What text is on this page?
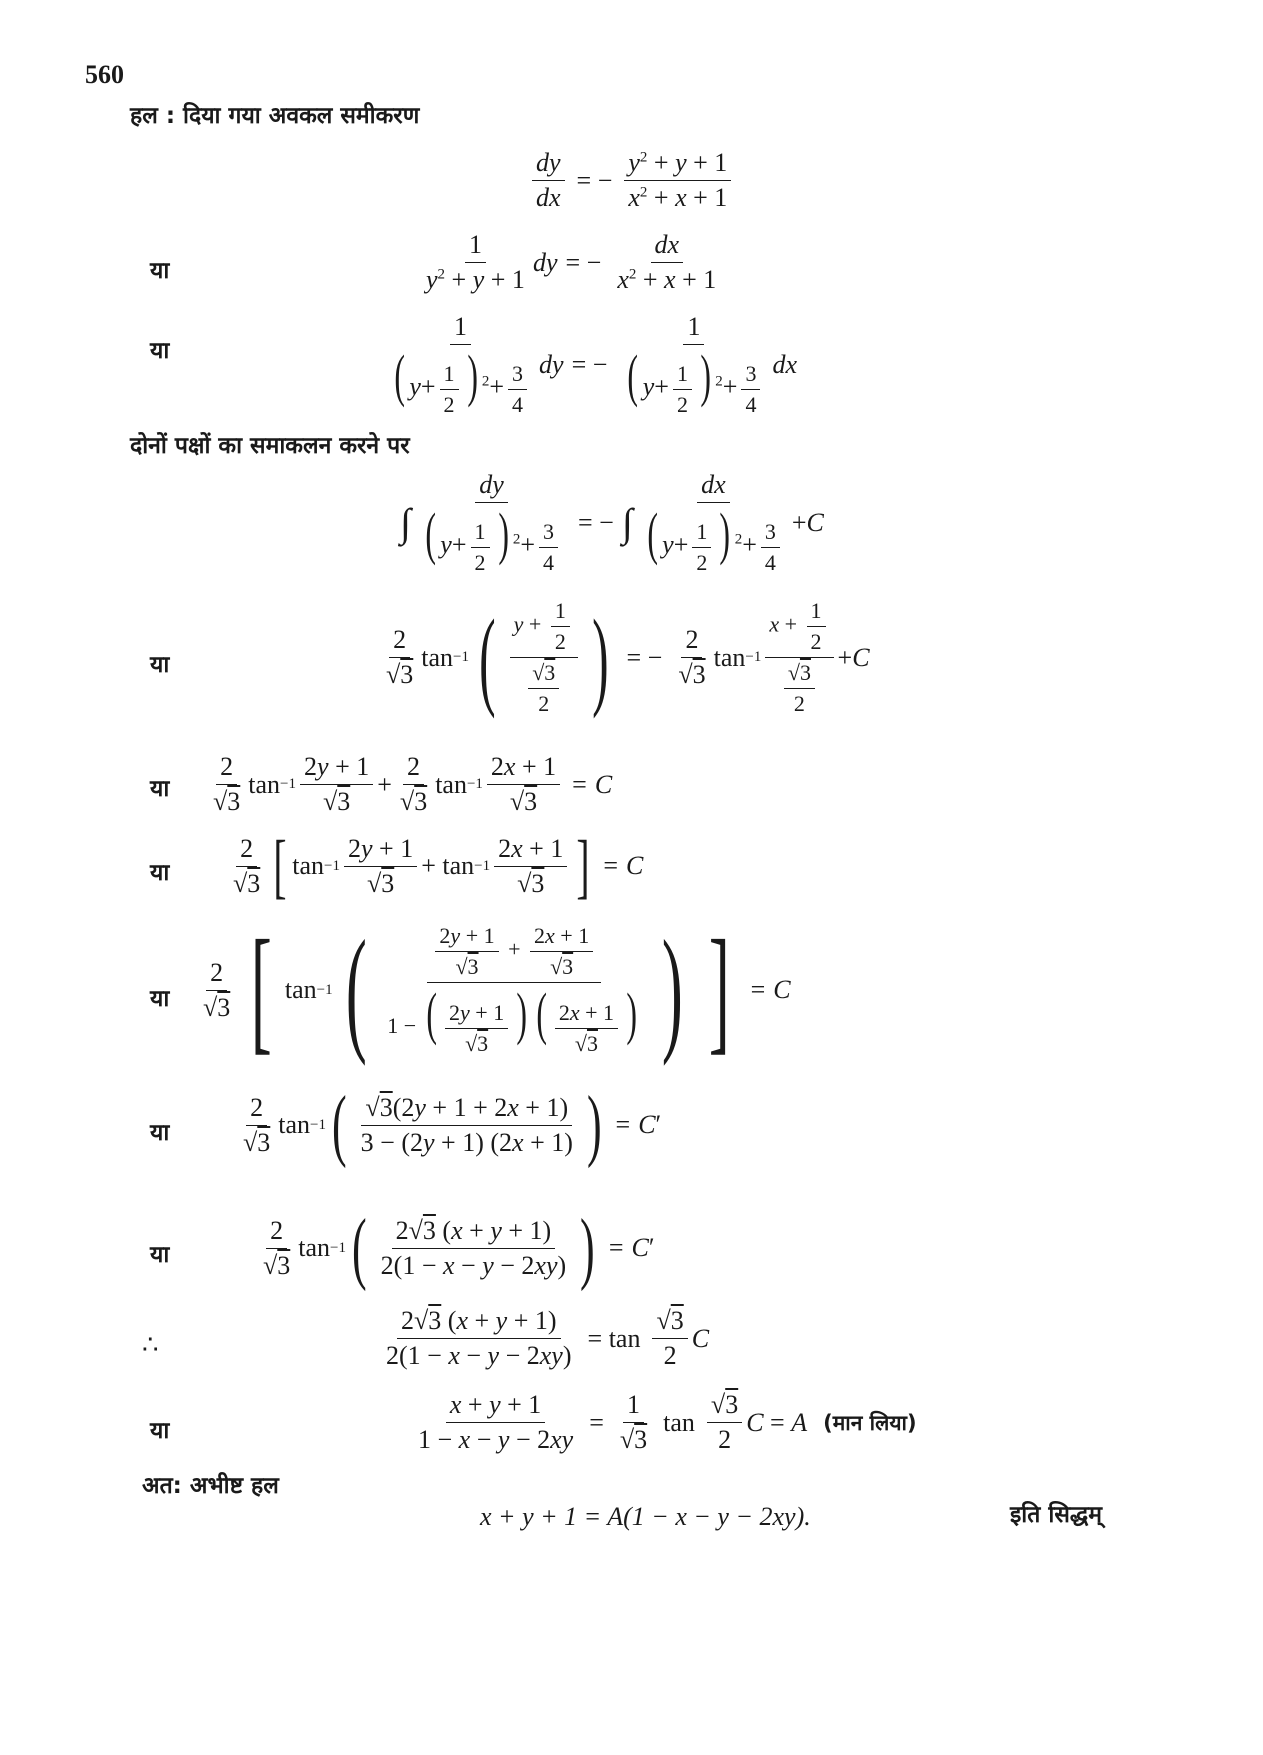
560
हल : दिया गया अवकल समीकरण
$\frac{dy}{dx}$ = − $\frac{y^2 + y + 1}{x^2 + x + 1}$
या	$\frac{1}{y^2 + y + 1}$ dy = − $\frac{dx}{x^2 + x + 1}$
या	$\frac{1}{( y+ \frac{1}{2} ) ^2+ \frac{3}{4}}$ dy = − $\frac{1}{( y+ \frac{1}{2} ) ^2+ \frac{3}{4}}$ dx
दोनों पक्षों का समाकलन करने पर
∫ $\frac{dy}{( y+ \frac{1}{2} ) ^2+ \frac{3}{4}}$ = − ∫ $\frac{dx}{( y+ \frac{1}{2} ) ^2+ \frac{3}{4}} + C$
या	$\frac{2}{√3}$ tan −1 ( $\frac{y + \frac{1}{2}}{\frac{√3}{2}}$ ) = − $\frac{2}{√3}$ $\tan -1 \frac{x + \frac{1}{2}}{\frac{√3}{2}} + C$
या $\frac{2}{√3}$ $\tan -1 \frac{2y + 1}{√3} + \frac{2}{√3}$ $\tan -1 \frac{2x + 1}{√3} = C$
या $\frac{2}{√3}$ [ $\tan -1 \frac{2y + 1}{√3} + \tan -1 \frac{2x + 1}{√3}$ ] = C
या $\frac{2}{√3}$ [ tan −1 ( $\frac{\frac{2y + 1}{√3} + \frac{2x + 1}{√3}}{1 - ( \frac{2y + 1}{√3} ) ( \frac{2x + 1}{√3} )}$ ) ] = C
या	$\frac{2}{√3}$ tan −1 ( $\frac{√3(2y + 1 + 2x + 1)}{3 - (2y + 1) (2x + 1)}$ ) = C ′
या	$\frac{2}{√3}$ tan −1 ( $\frac{2√3 (x + y + 1)}{2(1 - x - y - 2xy)}$ ) = C ′
∴	$\frac{2√3 (x + y + 1)}{2(1 - x - y - 2xy)} = \tan \frac{√3}{2}$ C
या	$\frac{x + y + 1}{1 - x - y - 2xy} = \frac{1}{√3}$ $\tan \frac{√3}{2}$ C = A (मान लिया)
अत: अभीष्ट हल
x + y + 1 = A(1 − x − y − 2xy).	इति सिद्धम्
